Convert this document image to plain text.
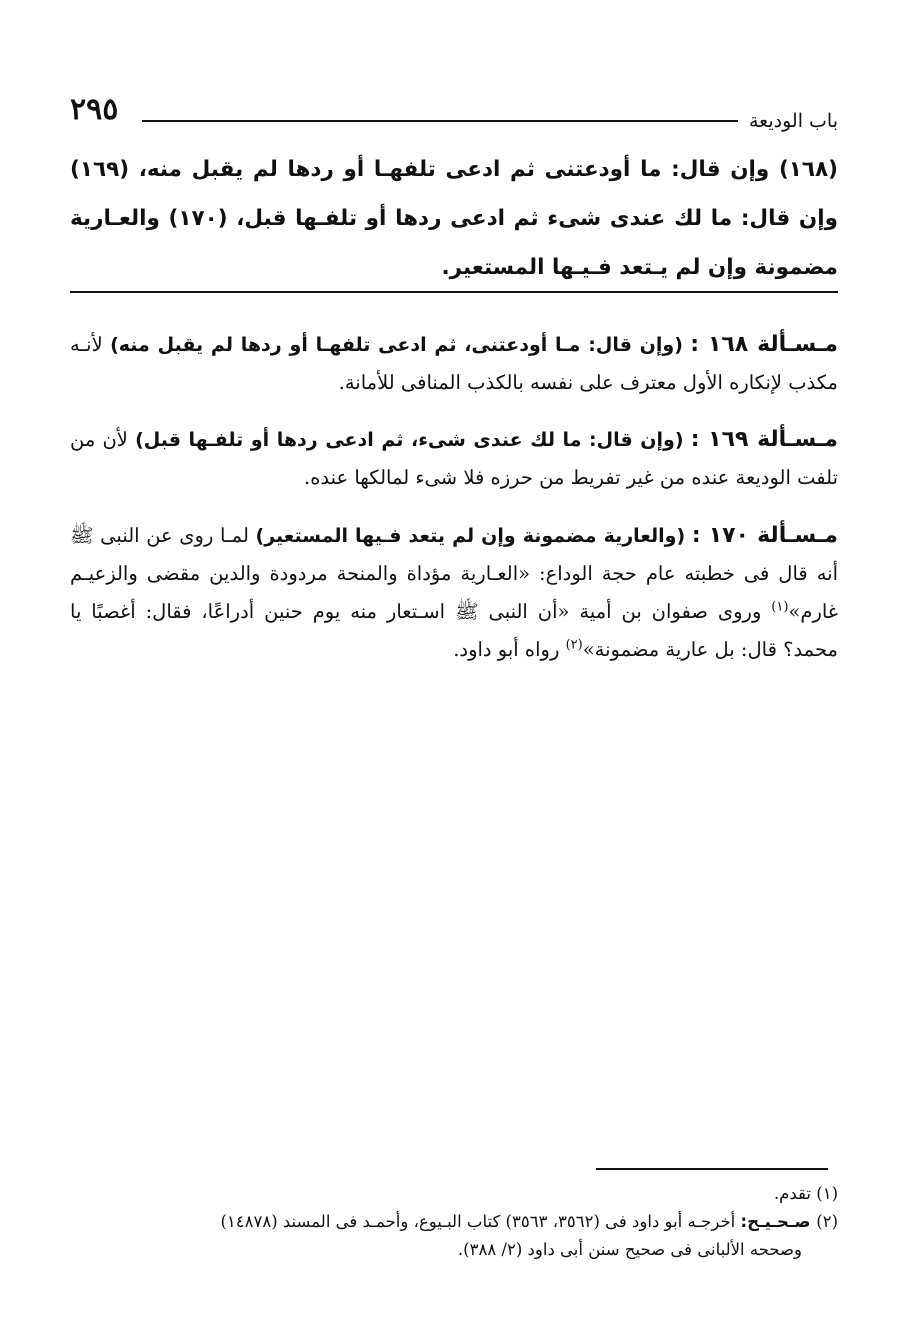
باب الوديعة
٢٩٥
(١٦٨) وإن قال: ما أودعتنى ثم ادعى تلفهـا أو ردها لم يقبل منه، (١٦٩) وإن قال: ما لك عندى شىء ثم ادعى ردها أو تلفـها قبل، (١٧٠) والعـارية مضمونة وإن لم يـتعد فـيـها المستعير.

مـسـألة ١٦٨ : (وإن قال: مـا أودعتنى، ثم ادعى تلفهـا أو ردها لم يقبل منه) لأنـه مكذب لإنكاره الأول معترف على نفسه بالكذب المنافى للأمانة.

مـسـألة ١٦٩ : (وإن قال: ما لك عندى شىء، ثم ادعى ردها أو تلفـها قبل) لأن من تلفت الوديعة عنده من غير تفريط من حرزه فلا شىء لمالكها عنده.

مـسـألة ١٧٠ : (والعارية مضمونة وإن لم يتعد فـيها المستعير) لمـا روى عن النبى ﷺ أنه قال فى خطبته عام حجة الوداع: «العـارية مؤداة والمنحة مردودة والدين مقضى والزعيـم غارم»$^{(١)}$ وروى صفوان بن أمية «أن النبى ﷺ اسـتعار منه يوم حنين أدراعًا، فقال: أغصبًا يا محمد؟ قال: بل عارية مضمونة»$^{(٢)}$ رواه أبو داود.

(١) تقدم.
(٢) صـحـيـح: أخرجـه أبو داود فى (٣٥٦٢، ٣٥٦٣) كتاب البـيوع، وأحمـد فى المسند (١٤٨٧٨)
وصححه الألبانى فى صحيح سنن أبى داود (٢/ ٣٨٨).
